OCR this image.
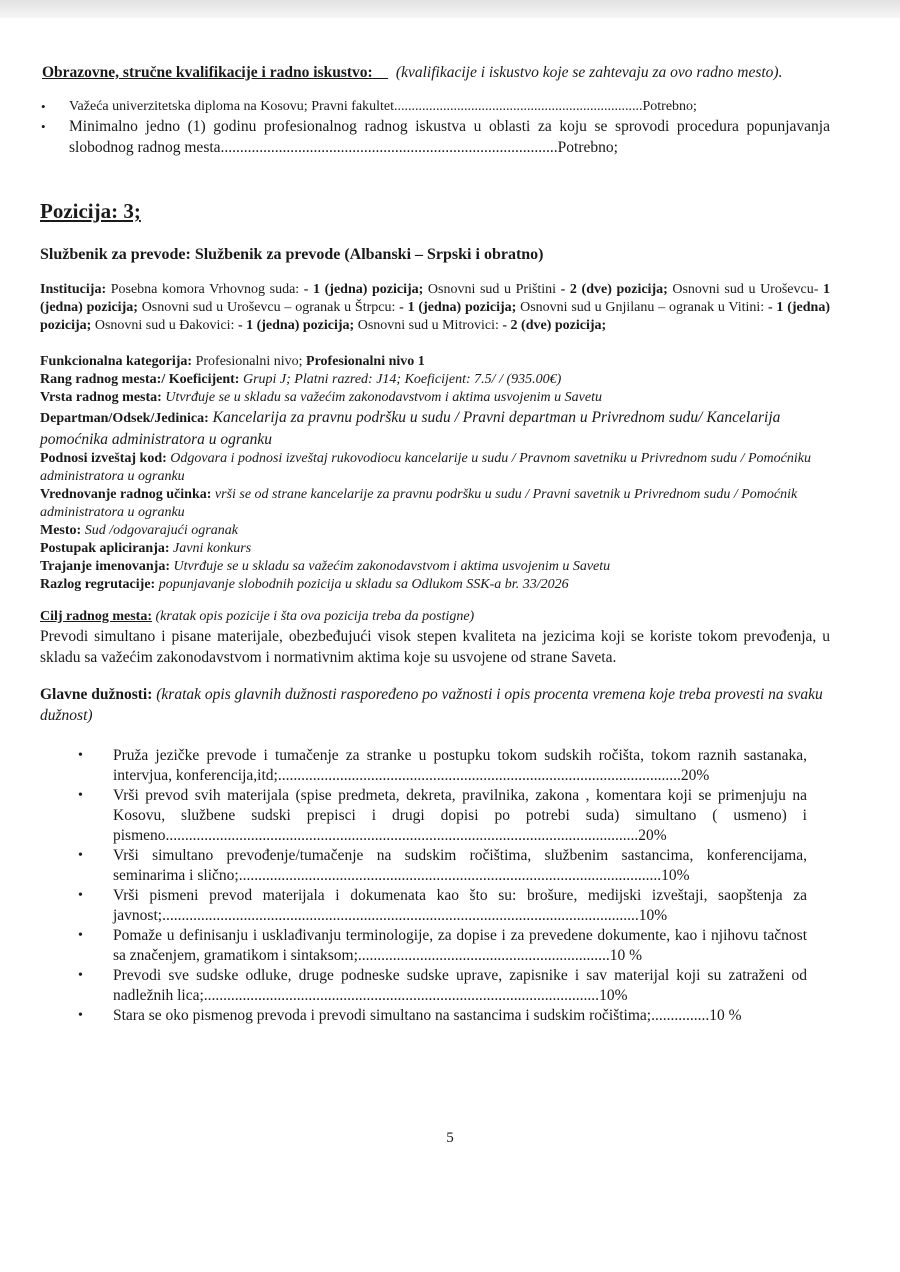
Obrazovne, stručne kvalifikacije i radno iskustvo: (kvalifikacije i iskustvo koje se zahtevaju za ovo radno mesto).

• Važeća univerzitetska diploma na Kosovu; Pravni fakultet.......................................................................Potrebno;
• Minimalno jedno (1) godinu profesionalnog radnog iskustva u oblasti za koju se sprovodi procedura popunjavanja slobodnog radnog mesta.......................................................................................Potrebno;

Pozicija: 3;

Službenik za prevode: Službenik za prevode (Albanski – Srpski i obratno)

Institucija: Posebna komora Vrhovnog suda: - 1 (jedna) pozicija; Osnovni sud u Prištini - 2 (dve) pozicija; Osnovni sud u Uroševcu- 1 (jedna) pozicija; Osnovni sud u Uroševcu – ogranak u Štrpcu: - 1 (jedna) pozicija; Osnovni sud u Gnjilanu – ogranak u Vitini: - 1 (jedna) pozicija; Osnovni sud u Đakovici: - 1 (jedna) pozicija; Osnovni sud u Mitrovici: - 2 (dve) pozicija;

Funkcionalna kategorija: Profesionalni nivo; Profesionalni nivo 1

Rang radnog mesta:/ Koeficijent: Grupi J; Platni razred: J14; Koeficijent: 7.5/ / (935.00€)

Vrsta radnog mesta: Utvrđuje se u skladu sa važećim zakonodavstvom i aktima usvojenim u Savetu

Departman/Odsek/Jedinica: Kancelarija za pravnu podršku u sudu / Pravni departman u Privrednom sudu/ Kancelarija pomoćnika administratora u ogranku

Podnosi izveštaj kod: Odgovara i podnosi izveštaj rukovodiocu kancelarije u sudu / Pravnom savetniku u Privrednom sudu / Pomoćniku administratora u ogranku

Vrednovanje radnog učinka: vrši se od strane kancelarije za pravnu podršku u sudu / Pravni savetnik u Privrednom sudu / Pomoćnik administratora u ogranku

Mesto: Sud /odgovarajući ogranak

Postupak apliciranja: Javni konkurs

Trajanje imenovanja: Utvrđuje se u skladu sa važećim zakonodavstvom i aktima usvojenim u Savetu

Razlog regrutacije: popunjavanje slobodnih pozicija u skladu sa Odlukom SSK-a br. 33/2026

Cilj radnog mesta: (kratak opis pozicije i šta ova pozicija treba da postigne)

Prevodi simultano i pisane materijale, obezbeđujući visok stepen kvaliteta na jezicima koji se koriste tokom prevođenja, u skladu sa važećim zakonodavstvom i normativnim aktima koje su usvojene od strane Saveta.

Glavne dužnosti: (kratak opis glavnih dužnosti raspoređeno po važnosti i opis procenta vremena koje treba provesti na svaku dužnost)

• Pruža jezičke prevode i tumačenje za stranke u postupku tokom sudskih ročišta, tokom raznih sastanaka, intervjua, konferencija,itd;........................................................................................................20%
• Vrši prevod svih materijala (spise predmeta, dekreta, pravilnika, zakona , komentara koji se primenjuju na Kosovu, službene sudski prepisci i drugi dopisi po potrebi suda) simultano ( usmeno) i pismeno..........................................................................................................................20%
• Vrši simultano prevođenje/tumačenje na sudskim ročištima, službenim sastancima, konferencijama, seminarima i slično;.............................................................................................................10%
• Vrši pismeni prevod materijala i dokumenata kao što su: brošure, medijski izveštaji, saopštenja za javnost;...........................................................................................................................10%
• Pomaže u definisanju i usklađivanju terminologije, za dopise i za prevedene dokumente, kao i njihovu tačnost sa značenjem, gramatikom i sintaksom;.................................................................10 %
• Prevodi sve sudske odluke, druge podneske sudske uprave, zapisnike i sav materijal koji su zatraženi od nadležnih lica;......................................................................................................10%
• Stara se oko pismenog prevoda i prevodi simultano na sastancima i sudskim ročištima;...............10 %
5
